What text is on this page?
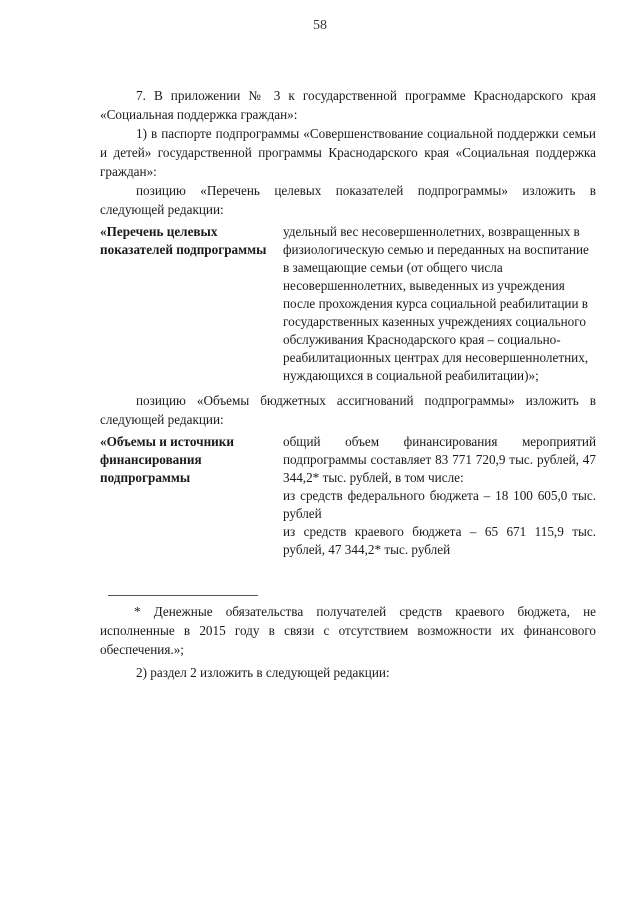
58

7. В приложении № 3 к государственной программе Краснодарского края «Социальная поддержка граждан»:

1) в паспорте подпрограммы «Совершенствование социальной поддержки семьи и детей» государственной программы Краснодарского края «Социальная поддержка граждан»:

позицию «Перечень целевых показателей подпрограммы» изложить в следующей редакции:

«Перечень целевых показателей подпрограммы
удельный вес несовершеннолетних, возвращенных в физиологическую семью и переданных на воспитание в замещающие семьи (от общего числа несовершеннолетних, выведенных из учреждения после прохождения курса социальной реабилитации в государственных казенных учреждениях социального обслуживания Краснодарского края – социально-реабилитационных центрах для несовершеннолетних, нуждающихся в социальной реабилитации)»;

позицию «Объемы бюджетных ассигнований подпрограммы» изложить в следующей редакции:

«Объемы и источники финансирования подпрограммы
общий объем финансирования мероприятий подпрограммы составляет 83 771 720,9 тыс. рублей, 47 344,2* тыс. рублей, в том числе:
из средств федерального бюджета – 18 100 605,0 тыс. рублей
из средств краевого бюджета – 65 671 115,9 тыс. рублей, 47 344,2* тыс. рублей

* Денежные обязательства получателей средств краевого бюджета, не исполненные в 2015 году в связи с отсутствием возможности их финансового обеспечения.»;

2) раздел 2 изложить в следующей редакции:
